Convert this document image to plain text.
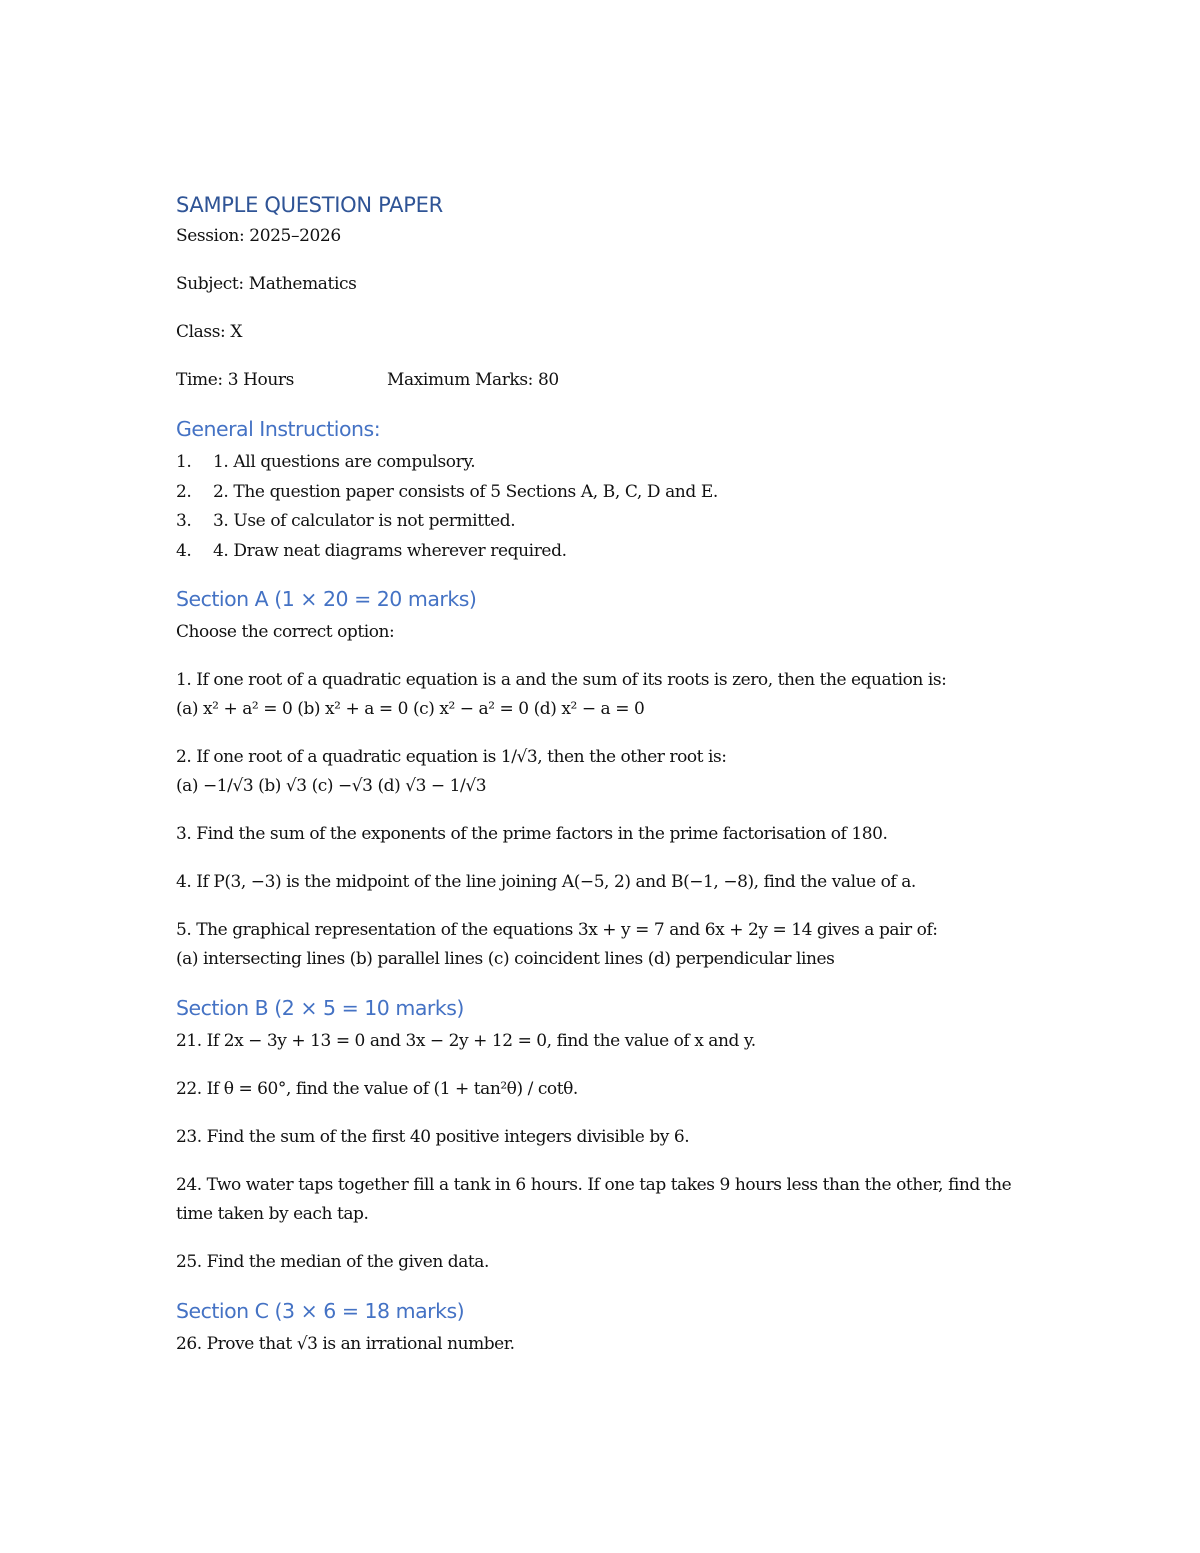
SAMPLE QUESTION PAPER
Session: 2025–2026
Subject: Mathematics
Class: X
Time: 3 Hours	Maximum Marks: 80
General Instructions:
1.	1. All questions are compulsory.
2.	2. The question paper consists of 5 Sections A, B, C, D and E.
3.	3. Use of calculator is not permitted.
4.	4. Draw neat diagrams wherever required.
Section A (1 × 20 = 20 marks)
Choose the correct option:
1. If one root of a quadratic equation is a and the sum of its roots is zero, then the equation is:
(a) x² + a² = 0 (b) x² + a = 0 (c) x² − a² = 0 (d) x² − a = 0
2. If one root of a quadratic equation is 1/√3, then the other root is:
(a) −1/√3 (b) √3 (c) −√3 (d) √3 − 1/√3
3. Find the sum of the exponents of the prime factors in the prime factorisation of 180.
4. If P(3, −3) is the midpoint of the line joining A(−5, 2) and B(−1, −8), find the value of a.
5. The graphical representation of the equations 3x + y = 7 and 6x + 2y = 14 gives a pair of:
(a) intersecting lines (b) parallel lines (c) coincident lines (d) perpendicular lines
Section B (2 × 5 = 10 marks)
21. If 2x − 3y + 13 = 0 and 3x − 2y + 12 = 0, find the value of x and y.
22. If θ = 60°, find the value of (1 + tan²θ) / cotθ.
23. Find the sum of the first 40 positive integers divisible by 6.
24. Two water taps together fill a tank in 6 hours. If one tap takes 9 hours less than the other, find the time taken by each tap.
25. Find the median of the given data.
Section C (3 × 6 = 18 marks)
26. Prove that √3 is an irrational number.
